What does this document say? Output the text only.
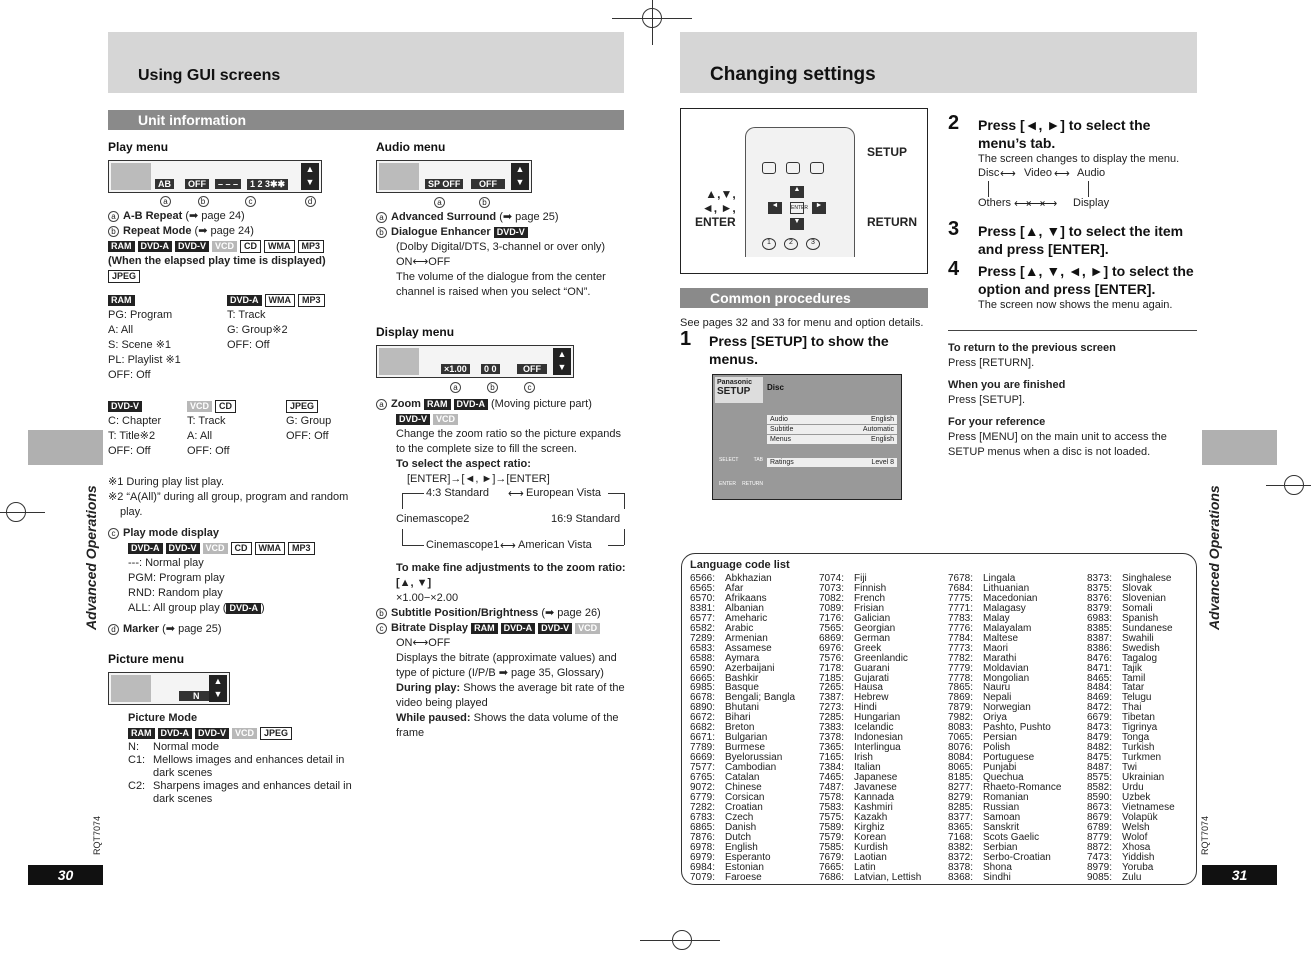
Using GUI screens
Unit information
Advanced Operations
RQT7074
30
Play menu
AB	OFF	– – –	1 2 3✱✱
▲
▼
a	b	c	d
a A-B Repeat (➡ page 24)
b Repeat Mode (➡ page 24)
RAM DVD-A DVD-V VCD CD WMA MP3
(When the elapsed play time is displayed)
JPEG
RAM
PG: Program
A: All
S: Scene ※1
PL: Playlist ※1
OFF: Off
DVD-A WMA MP3
T: Track
G: Group※2
OFF: Off
DVD-V
C: Chapter
T: Title※2
OFF: Off
VCD CD
T: Track
A: All
OFF: Off
JPEG
G: Group
OFF: Off
※1 During play list play.
※2 “A(All)” during all group, program and random play.
c Play mode display
DVD-A DVD-V VCD CD WMA MP3
---: Normal play
PGM: Program play
RND: Random play
ALL: All group play ( DVD-A )
d Marker (➡ page 25)
Picture menu
N
▲
▼
Picture Mode
RAM DVD-A DVD-V VCD JPEG
N:	Normal mode
C1: Mellows images and enhances detail in dark scenes
C2: Sharpens images and enhances detail in dark scenes
Audio menu
SP OFF	OFF
▲
▼
a	b
a Advanced Surround (➡ page 25)
b Dialogue Enhancer DVD-V
(Dolby Digital/DTS, 3-channel or over only)
ON⟷OFF
The volume of the dialogue from the center channel is raised when you select “ON”.
Display menu
×1.00	0 0	OFF
▲
▼
a	b	c
a Zoom RAM DVD-A (Moving picture part)
DVD-V VCD
Change the zoom ratio so the picture expands to the complete size to fill the screen.
To select the aspect ratio:
[ENTER]→[◄, ►]→[ENTER]
4:3 Standard ⟷ European Vista
Cinemascope2	16:9 Standard
Cinemascope1 ⟷ American Vista
To make fine adjustments to the zoom ratio: [▲, ▼]
×1.00−×2.00
b Subtitle Position/Brightness (➡ page 26)
c Bitrate Display RAM DVD-A DVD-V VCD
ON⟷OFF
Displays the bitrate (approximate values) and type of picture (I/P/B ➡ page 35, Glossary)
During play: Shows the average bit rate of the video being played
While paused: Shows the data volume of the frame
Changing settings
▲
◄	ENTER	►
▼
1	2	3
SETUP
RETURN
▲,▼,
◄, ►,
ENTER
Common procedures
See pages 32 and 33 for menu and option details.
1	Press [SETUP] to show the menus.
Panasonic
SETUP	Disc
Audio	English
Subtitle	Automatic
Menus	English
Ratings	Level 8
SELECT	TAB
ENTER RETURN
2	Press [◄, ►] to select the menu’s tab.
The screen changes to display the menu.
Disc ⟷ Video ⟷ Audio
Others ⟷⟷⟷ Display
3	Press [▲, ▼] to select the item and press [ENTER].
4	Press [▲, ▼, ◄, ►] to select the option and press [ENTER].
The screen now shows the menu again.
To return to the previous screen
Press [RETURN].
When you are finished
Press [SETUP].
For your reference
Press [MENU] on the main unit to access the SETUP menus when a disc is not loaded.
Advanced Operations
RQT7074
31
Language code list
6566: Abkhazian
6565: Afar
6570: Afrikaans
8381: Albanian
6577: Ameharic
6582: Arabic
7289: Armenian
6583: Assamese
6588: Aymara
6590: Azerbaijani
6665: Bashkir
6985: Basque
6678: Bengali; Bangla
6890: Bhutani
6672: Bihari
6682: Breton
6671: Bulgarian
7789: Burmese
6669: Byelorussian
7577: Cambodian
6765: Catalan
9072: Chinese
6779: Corsican
7282: Croatian
6783: Czech
6865: Danish
7876: Dutch
6978: English
6979: Esperanto
6984: Estonian
7079: Faroese
7074: Fiji
7073: Finnish
7082: French
7089: Frisian
7176: Galician
7565: Georgian
6869: German
6976: Greek
7576: Greenlandic
7178: Guarani
7185: Gujarati
7265: Hausa
7387: Hebrew
7273: Hindi
7285: Hungarian
7383: Icelandic
7378: Indonesian
7365: Interlingua
7165: Irish
7384: Italian
7465: Japanese
7487: Javanese
7578: Kannada
7583: Kashmiri
7575: Kazakh
7589: Kirghiz
7579: Korean
7585: Kurdish
7679: Laotian
7665: Latin
7686: Latvian, Lettish
7678: Lingala
7684: Lithuanian
7775: Macedonian
7771: Malagasy
7783: Malay
7776: Malayalam
7784: Maltese
7773: Maori
7782: Marathi
7779: Moldavian
7778: Mongolian
7865: Nauru
7869: Nepali
7879: Norwegian
7982: Oriya
8083: Pashto, Pushto
7065: Persian
8076: Polish
8084: Portuguese
8065: Punjabi
8185: Quechua
8277: Rhaeto-Romance
8279: Romanian
8285: Russian
8377: Samoan
8365: Sanskrit
7168: Scots Gaelic
8382: Serbian
8372: Serbo-Croatian
8378: Shona
8368: Sindhi
8373: Singhalese
8375: Slovak
8376: Slovenian
8379: Somali
6983: Spanish
8385: Sundanese
8387: Swahili
8386: Swedish
8476: Tagalog
8471: Tajik
8465: Tamil
8484: Tatar
8469: Telugu
8472: Thai
6679: Tibetan
8473: Tigrinya
8479: Tonga
8482: Turkish
8475: Turkmen
8487: Twi
8575: Ukrainian
8582: Urdu
8590: Uzbek
8673: Vietnamese
8679: Volapük
6789: Welsh
8779: Wolof
8872: Xhosa
7473: Yiddish
8979: Yoruba
9085: Zulu
